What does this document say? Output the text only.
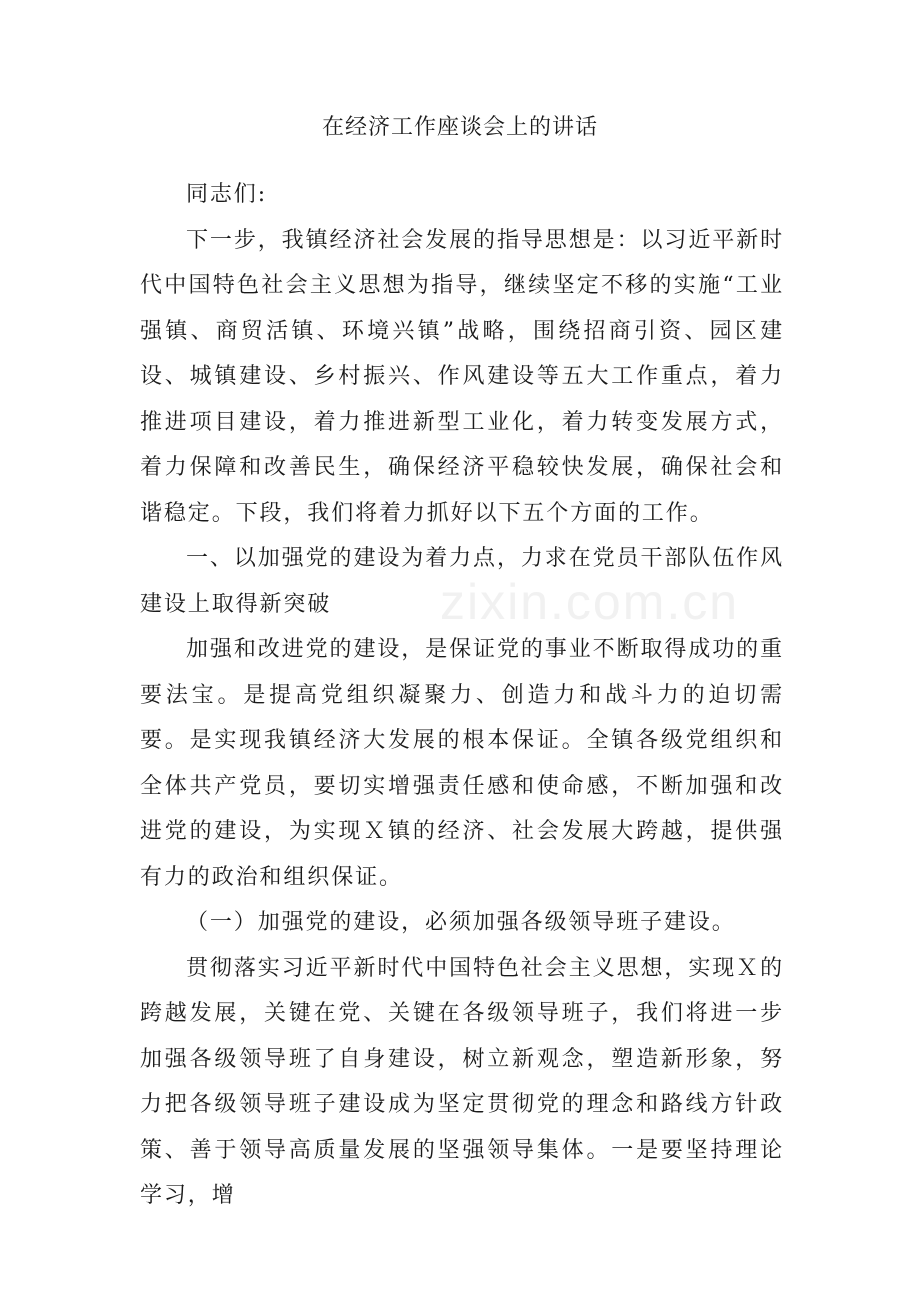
在经济工作座谈会上的讲话
zixin.com.cn

同志们:

下一步，我镇经济社会发展的指导思想是：以习近平新时代中国特色社会主义思想为指导，继续坚定不移的实施“工业强镇、商贸活镇、环境兴镇”战略，围绕招商引资、园区建设、城镇建设、乡村振兴、作风建设等五大工作重点，着力推进项目建设，着力推进新型工业化，着力转变发展方式，着力保障和改善民生，确保经济平稳较快发展，确保社会和谐稳定。下段，我们将着力抓好以下五个方面的工作。

一、以加强党的建设为着力点，力求在党员干部队伍作风建设上取得新突破

加强和改进党的建设，是保证党的事业不断取得成功的重要法宝。是提高党组织凝聚力、创造力和战斗力的迫切需要。是实现我镇经济大发展的根本保证。全镇各级党组织和全体共产党员，要切实增强责任感和使命感，不断加强和改进党的建设，为实现Ｘ镇的经济、社会发展大跨越，提供强有力的政治和组织保证。

（一）加强党的建设，必须加强各级领导班子建设。

贯彻落实习近平新时代中国特色社会主义思想，实现Ｘ的跨越发展，关键在党、关键在各级领导班子，我们将进一步加强各级领导班了自身建设，树立新观念，塑造新形象，努力把各级领导班子建设成为坚定贯彻党的理念和路线方针政策、善于领导高质量发展的坚强领导集体。一是要坚持理论学习，增
